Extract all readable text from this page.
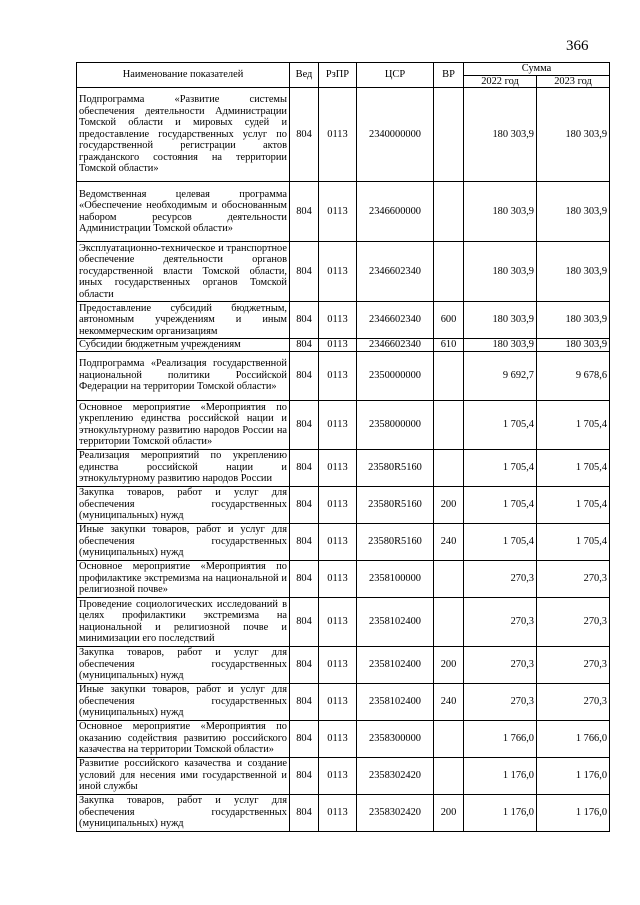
366
Наименование показателей	Вед	РзПР	ЦСР	ВР	Сумма	
					2022 год	2023 год
Подпрограмма «Развитие системы обеспечения деятельности Администрации Томской области и мировых судей и предоставление государственных услуг по государственной регистрации актов гражданского состояния на территории Томской области»	804	0113	2340000000		180 303,9	180 303,9
Ведомственная целевая программа «Обеспечение необходимым и обоснованным набором ресурсов деятельности Администрации Томской области»	804	0113	2346600000		180 303,9	180 303,9
Эксплуатационно-техническое и транспортное обеспечение деятельности органов государственной власти Томской области, иных государственных органов Томской области	804	0113	2346602340		180 303,9	180 303,9
Предоставление субсидий бюджетным, автономным учреждениям и иным некоммерческим организациям	804	0113	2346602340	600	180 303,9	180 303,9
Субсидии бюджетным учреждениям	804	0113	2346602340	610	180 303,9	180 303,9
Подпрограмма «Реализация государственной национальной политики Российской Федерации на территории Томской области»	804	0113	2350000000		9 692,7	9 678,6
Основное мероприятие «Мероприятия по укреплению единства российской нации и этнокультурному развитию народов России на территории Томской области»	804	0113	2358000000		1 705,4	1 705,4
Реализация мероприятий по укреплению единства российской нации и этнокультурному развитию народов России	804	0113	23580R5160		1 705,4	1 705,4
Закупка товаров, работ и услуг для обеспечения государственных (муниципальных) нужд	804	0113	23580R5160	200	1 705,4	1 705,4
Иные закупки товаров, работ и услуг для обеспечения государственных (муниципальных) нужд	804	0113	23580R5160	240	1 705,4	1 705,4
Основное мероприятие «Мероприятия по профилактике экстремизма на национальной и религиозной почве»	804	0113	2358100000		270,3	270,3
Проведение социологических исследований в целях профилактики экстремизма на национальной и религиозной почве и минимизации его последствий	804	0113	2358102400		270,3	270,3
Закупка товаров, работ и услуг для обеспечения государственных (муниципальных) нужд	804	0113	2358102400	200	270,3	270,3
Иные закупки товаров, работ и услуг для обеспечения государственных (муниципальных) нужд	804	0113	2358102400	240	270,3	270,3
Основное мероприятие «Мероприятия по оказанию содействия развитию российского казачества на территории Томской области»	804	0113	2358300000		1 766,0	1 766,0
Развитие российского казачества и создание условий для несения ими государственной и иной службы	804	0113	2358302420		1 176,0	1 176,0
Закупка товаров, работ и услуг для обеспечения государственных (муниципальных) нужд	804	0113	2358302420	200	1 176,0	1 176,0
